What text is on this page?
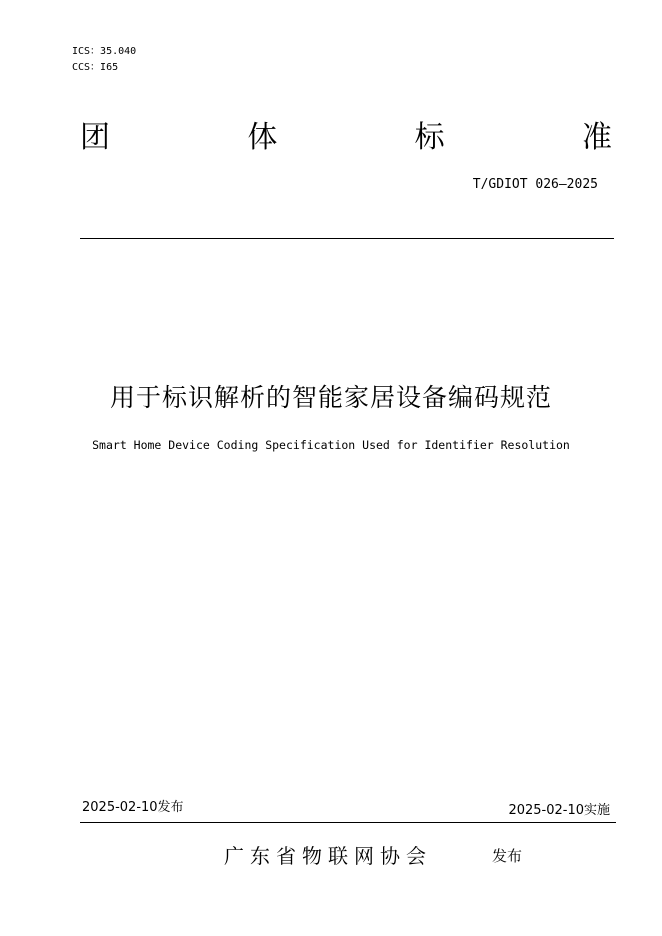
ICS：35.040
CCS：I65
团	体	标	准
T/GDIOT 026—2025
用于标识解析的智能家居设备编码规范
Smart Home Device Coding Specification Used for Identifier Resolution
2025-02-10发布	2025-02-10实施
广东省物联网协会	发布
